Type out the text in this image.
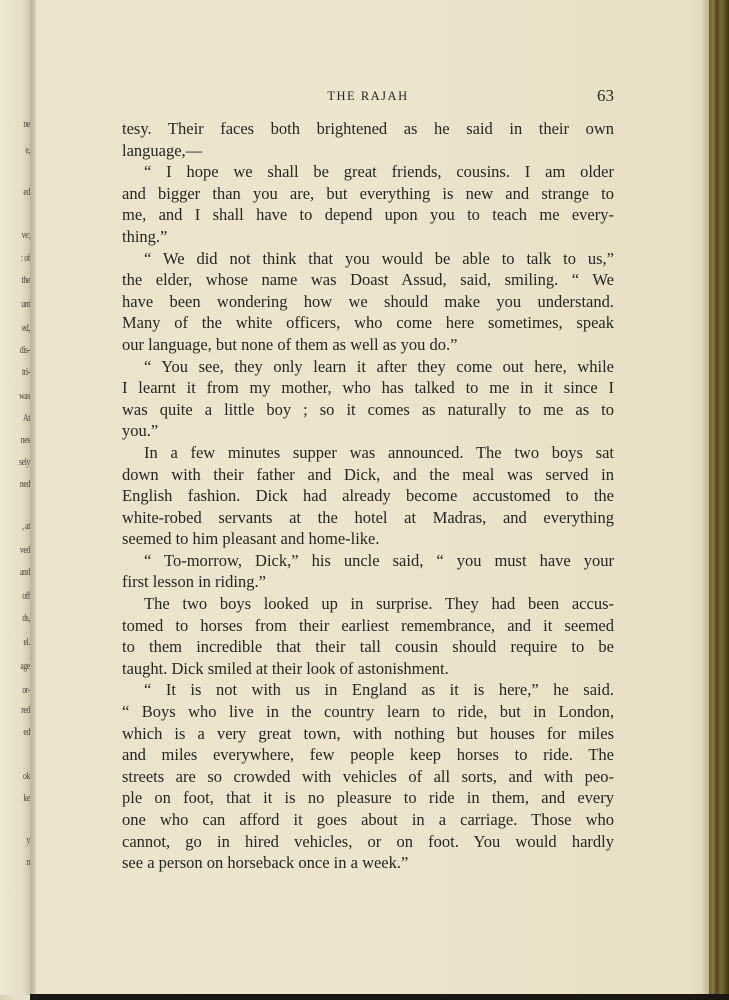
ne
e,
ed
ve;
: of
the
unt
ed,
dis-
tri-
was
At
nes
sely
ned
, at
ved
and
off
ds,
el.
age
or-
red
ed
ok
ke
y
n
THE RAJAH	63
tesy. Their faces both brightened as he said in their own
language,—
“ I hope we shall be great friends, cousins. I am older
and bigger than you are, but everything is new and strange to
me, and I shall have to depend upon you to teach me every-
thing.”
“ We did not think that you would be able to talk to us,”
the elder, whose name was Doast Assud, said, smiling. “ We
have been wondering how we should make you understand.
Many of the white officers, who come here sometimes, speak
our language, but none of them as well as you do.”
“ You see, they only learn it after they come out here, while
I learnt it from my mother, who has talked to me in it since I
was quite a little boy ; so it comes as naturally to me as to
you.”
In a few minutes supper was announced. The two boys sat
down with their father and Dick, and the meal was served in
English fashion. Dick had already become accustomed to the
white-robed servants at the hotel at Madras, and everything
seemed to him pleasant and home-like.
“ To-morrow, Dick,” his uncle said, “ you must have your
first lesson in riding.”
The two boys looked up in surprise. They had been accus-
tomed to horses from their earliest remembrance, and it seemed
to them incredible that their tall cousin should require to be
taught. Dick smiled at their look of astonishment.
“ It is not with us in England as it is here,” he said.
“ Boys who live in the country learn to ride, but in London,
which is a very great town, with nothing but houses for miles
and miles everywhere, few people keep horses to ride. The
streets are so crowded with vehicles of all sorts, and with peo-
ple on foot, that it is no pleasure to ride in them, and every
one who can afford it goes about in a carriage. Those who
cannot, go in hired vehicles, or on foot. You would hardly
see a person on horseback once in a week.”
